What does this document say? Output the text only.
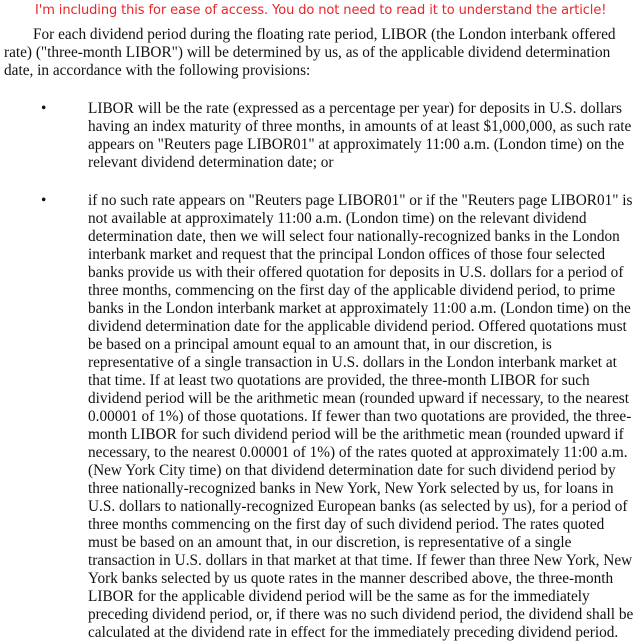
I'm including this for ease of access. You do not need to read it to understand the article!

For each dividend period during the floating rate period, LIBOR (the London interbank offered rate) ("three-month LIBOR") will be determined by us, as of the applicable dividend determination date, in accordance with the following provisions:

•	LIBOR will be the rate (expressed as a percentage per year) for deposits in U.S. dollars having an index maturity of three months, in amounts of at least $1,000,000, as such rate appears on "Reuters page LIBOR01" at approximately 11:00 a.m. (London time) on the relevant dividend determination date; or

•	if no such rate appears on "Reuters page LIBOR01" or if the "Reuters page LIBOR01" is not available at approximately 11:00 a.m. (London time) on the relevant dividend determination date, then we will select four nationally-recognized banks in the London interbank market and request that the principal London offices of those four selected banks provide us with their offered quotation for deposits in U.S. dollars for a period of three months, commencing on the first day of the applicable dividend period, to prime banks in the London interbank market at approximately 11:00 a.m. (London time) on the dividend determination date for the applicable dividend period. Offered quotations must be based on a principal amount equal to an amount that, in our discretion, is representative of a single transaction in U.S. dollars in the London interbank market at that time. If at least two quotations are provided, the three-month LIBOR for such dividend period will be the arithmetic mean (rounded upward if necessary, to the nearest 0.00001 of 1%) of those quotations. If fewer than two quotations are provided, the three-month LIBOR for such dividend period will be the arithmetic mean (rounded upward if necessary, to the nearest 0.00001 of 1%) of the rates quoted at approximately 11:00 a.m. (New York City time) on that dividend determination date for such dividend period by three nationally-recognized banks in New York, New York selected by us, for loans in U.S. dollars to nationally-recognized European banks (as selected by us), for a period of three months commencing on the first day of such dividend period. The rates quoted must be based on an amount that, in our discretion, is representative of a single transaction in U.S. dollars in that market at that time. If fewer than three New York, New York banks selected by us quote rates in the manner described above, the three-month LIBOR for the applicable dividend period will be the same as for the immediately preceding dividend period, or, if there was no such dividend period, the dividend shall be calculated at the dividend rate in effect for the immediately preceding dividend period.
